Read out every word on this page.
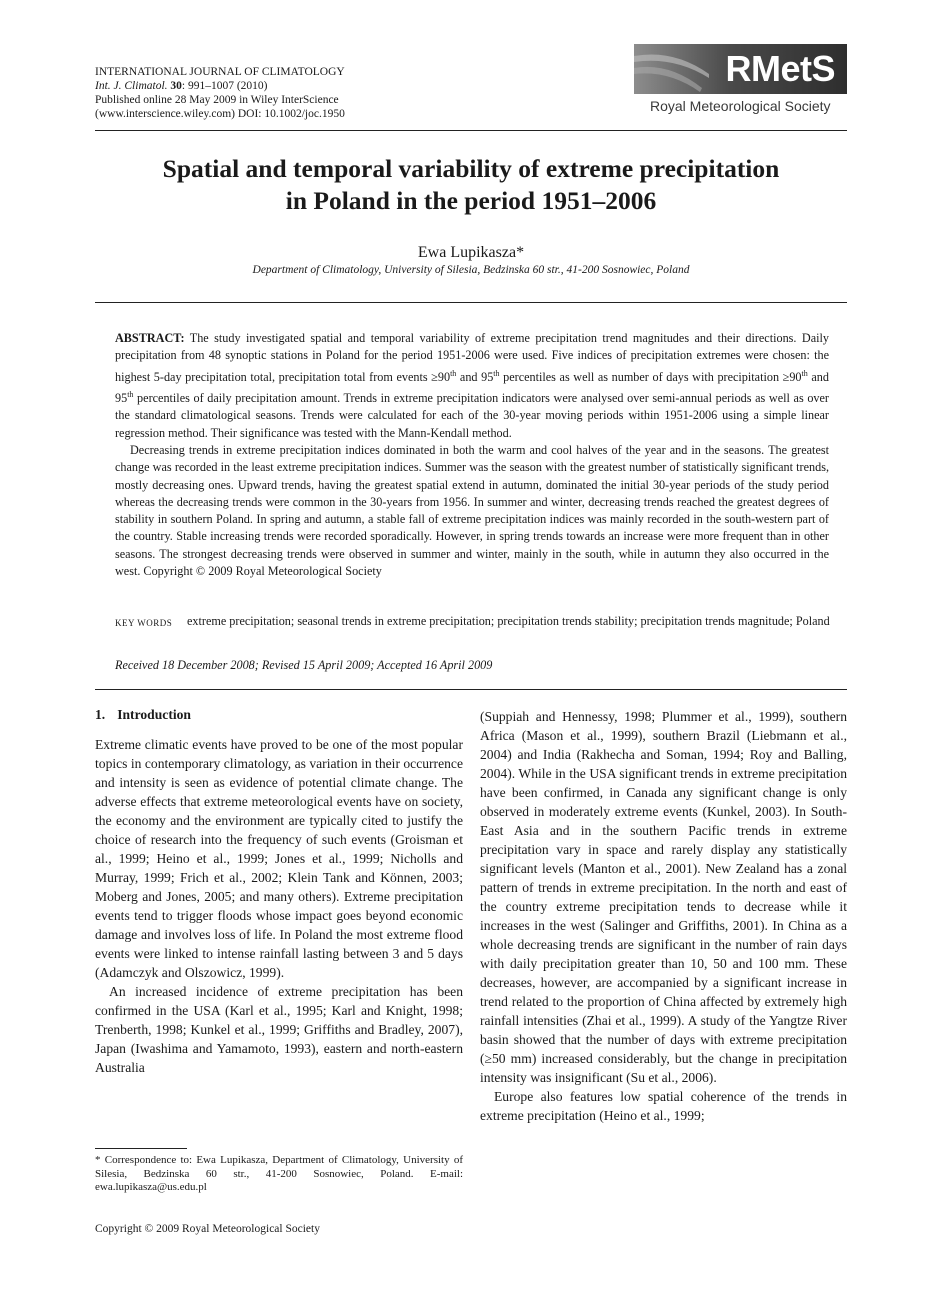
INTERNATIONAL JOURNAL OF CLIMATOLOGY
Int. J. Climatol. 30: 991–1007 (2010)
Published online 28 May 2009 in Wiley InterScience
(www.interscience.wiley.com) DOI: 10.1002/joc.1950
RMetS
Royal Meteorological Society
Spatial and temporal variability of extreme precipitation
in Poland in the period 1951–2006
Ewa Lupikasza*
Department of Climatology, University of Silesia, Bedzinska 60 str., 41-200 Sosnowiec, Poland

ABSTRACT: The study investigated spatial and temporal variability of extreme precipitation trend magnitudes and their directions. Daily precipitation from 48 synoptic stations in Poland for the period 1951-2006 were used. Five indices of precipitation extremes were chosen: the highest 5-day precipitation total, precipitation total from events ≥90th and 95th percentiles as well as number of days with precipitation ≥90th and 95th percentiles of daily precipitation amount. Trends in extreme precipitation indicators were analysed over semi-annual periods as well as over the standard climatological seasons. Trends were calculated for each of the 30-year moving periods within 1951-2006 using a simple linear regression method. Their significance was tested with the Mann-Kendall method.

Decreasing trends in extreme precipitation indices dominated in both the warm and cool halves of the year and in the seasons. The greatest change was recorded in the least extreme precipitation indices. Summer was the season with the greatest number of statistically significant trends, mostly decreasing ones. Upward trends, having the greatest spatial extend in autumn, dominated the initial 30-year periods of the study period whereas the decreasing trends were common in the 30-years from 1956. In summer and winter, decreasing trends reached the greatest degrees of stability in southern Poland. In spring and autumn, a stable fall of extreme precipitation indices was mainly recorded in the south-western part of the country. Stable increasing trends were recorded sporadically. However, in spring trends towards an increase were more frequent than in other seasons. The strongest decreasing trends were observed in summer and winter, mainly in the south, while in autumn they also occurred in the west. Copyright © 2009 Royal Meteorological Society

KEY WORDS extreme precipitation; seasonal trends in extreme precipitation; precipitation trends stability; precipitation trends magnitude; Poland
Received 18 December 2008; Revised 15 April 2009; Accepted 16 April 2009
1. Introduction

Extreme climatic events have proved to be one of the most popular topics in contemporary climatology, as variation in their occurrence and intensity is seen as evidence of potential climate change. The adverse effects that extreme meteorological events have on society, the economy and the environment are typically cited to justify the choice of research into the frequency of such events (Groisman et al., 1999; Heino et al., 1999; Jones et al., 1999; Nicholls and Murray, 1999; Frich et al., 2002; Klein Tank and Können, 2003; Moberg and Jones, 2005; and many others). Extreme precipitation events tend to trigger floods whose impact goes beyond economic damage and involves loss of life. In Poland the most extreme flood events were linked to intense rainfall lasting between 3 and 5 days (Adamczyk and Olszowicz, 1999).

An increased incidence of extreme precipitation has been confirmed in the USA (Karl et al., 1995; Karl and Knight, 1998; Trenberth, 1998; Kunkel et al., 1999; Griffiths and Bradley, 2007), Japan (Iwashima and Yamamoto, 1993), eastern and north-eastern Australia

(Suppiah and Hennessy, 1998; Plummer et al., 1999), southern Africa (Mason et al., 1999), southern Brazil (Liebmann et al., 2004) and India (Rakhecha and Soman, 1994; Roy and Balling, 2004). While in the USA significant trends in extreme precipitation have been confirmed, in Canada any significant change is only observed in moderately extreme events (Kunkel, 2003). In South-East Asia and in the southern Pacific trends in extreme precipitation vary in space and rarely display any statistically significant levels (Manton et al., 2001). New Zealand has a zonal pattern of trends in extreme precipitation. In the north and east of the country extreme precipitation tends to decrease while it increases in the west (Salinger and Griffiths, 2001). In China as a whole decreasing trends are significant in the number of rain days with daily precipitation greater than 10, 50 and 100 mm. These decreases, however, are accompanied by a significant increase in trend related to the proportion of China affected by extremely high rainfall intensities (Zhai et al., 1999). A study of the Yangtze River basin showed that the number of days with extreme precipitation (≥50 mm) increased considerably, but the change in precipitation intensity was insignificant (Su et al., 2006).

Europe also features low spatial coherence of the trends in extreme precipitation (Heino et al., 1999;

* Correspondence to: Ewa Lupikasza, Department of Climatology, University of Silesia, Bedzinska 60 str., 41-200 Sosnowiec, Poland. E-mail: ewa.lupikasza@us.edu.pl
Copyright © 2009 Royal Meteorological Society
